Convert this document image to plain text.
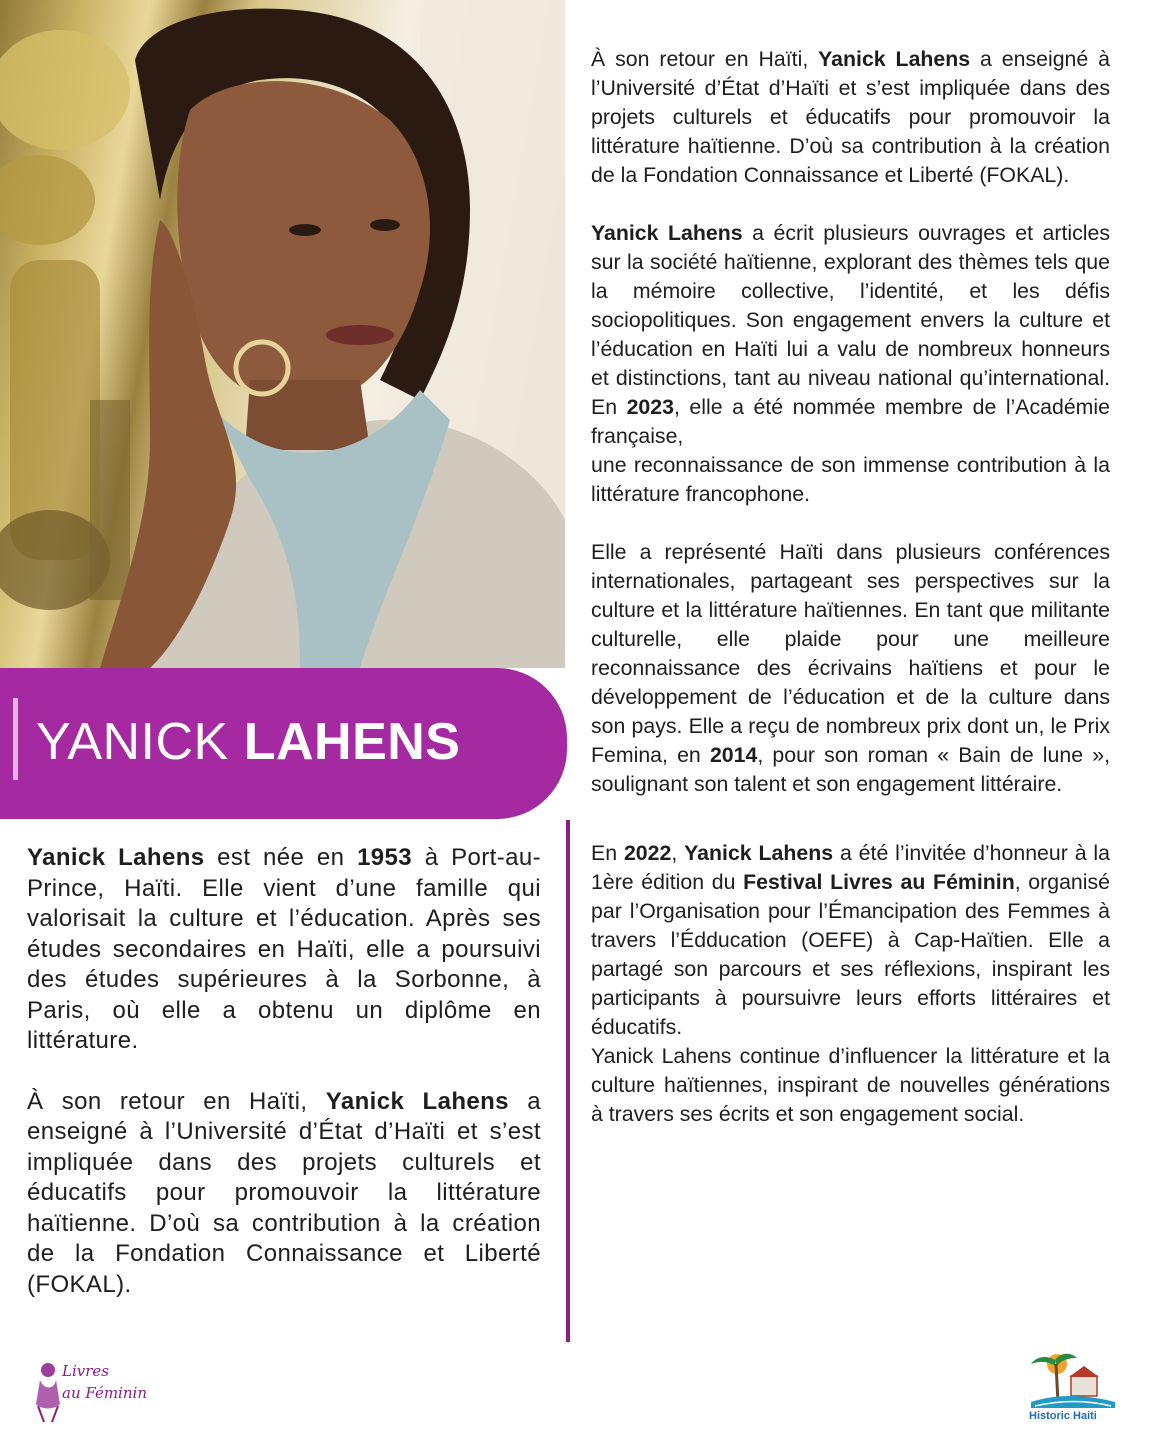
YANICK LAHENS

Yanick Lahens est née en 1953 à Port-au-Prince, Haïti. Elle vient d’une famille qui valorisait la culture et l’éducation. Après ses études secondaires en Haïti, elle a poursuivi des études supérieures à la Sorbonne, à Paris, où elle a obtenu un diplôme en littérature.

À son retour en Haïti, Yanick Lahens a enseigné à l’Université d’État d’Haïti et s’est impliquée dans des projets culturels et éducatifs pour promouvoir la littérature haïtienne. D’où sa contribution à la création de la Fondation Connaissance et Liberté (FOKAL).

À son retour en Haïti, Yanick Lahens a enseigné à l’Université d’État d’Haïti et s’est impliquée dans des projets culturels et éducatifs pour promouvoir la littérature haïtienne. D’où sa contribution à la création de la Fondation Connaissance et Liberté (FOKAL).

Yanick Lahens a écrit plusieurs ouvrages et articles sur la société haïtienne, explorant des thèmes tels que la mémoire collective, l’identité, et les défis sociopolitiques. Son engagement envers la culture et l’éducation en Haïti lui a valu de nombreux honneurs et distinctions, tant au niveau national qu’international. En 2023, elle a été nommée membre de l’Académie française,

une reconnaissance de son immense contribution à la littérature francophone.

Elle a représenté Haïti dans plusieurs conférences internationales, partageant ses perspectives sur la culture et la littérature haïtiennes. En tant que militante culturelle, elle plaide pour une meilleure reconnaissance des écrivains haïtiens et pour le développement de l’éducation et de la culture dans son pays. Elle a reçu de nombreux prix dont un, le Prix Femina, en 2014, pour son roman « Bain de lune », soulignant son talent et son engagement littéraire.

En 2022, Yanick Lahens a été l’invitée d’honneur à la 1ère édition du Festival Livres au Féminin, organisé par l’Organisation pour l’Émancipation des Femmes à travers l’Édducation (OEFE) à Cap-Haïtien. Elle a partagé son parcours et ses réflexions, inspirant les participants à poursuivre leurs efforts littéraires et éducatifs.

Yanick Lahens continue d’influencer la littérature et la culture haïtiennes, inspirant de nouvelles générations à travers ses écrits et son engagement social.

Livres
au Féminin
Historic Haiti
